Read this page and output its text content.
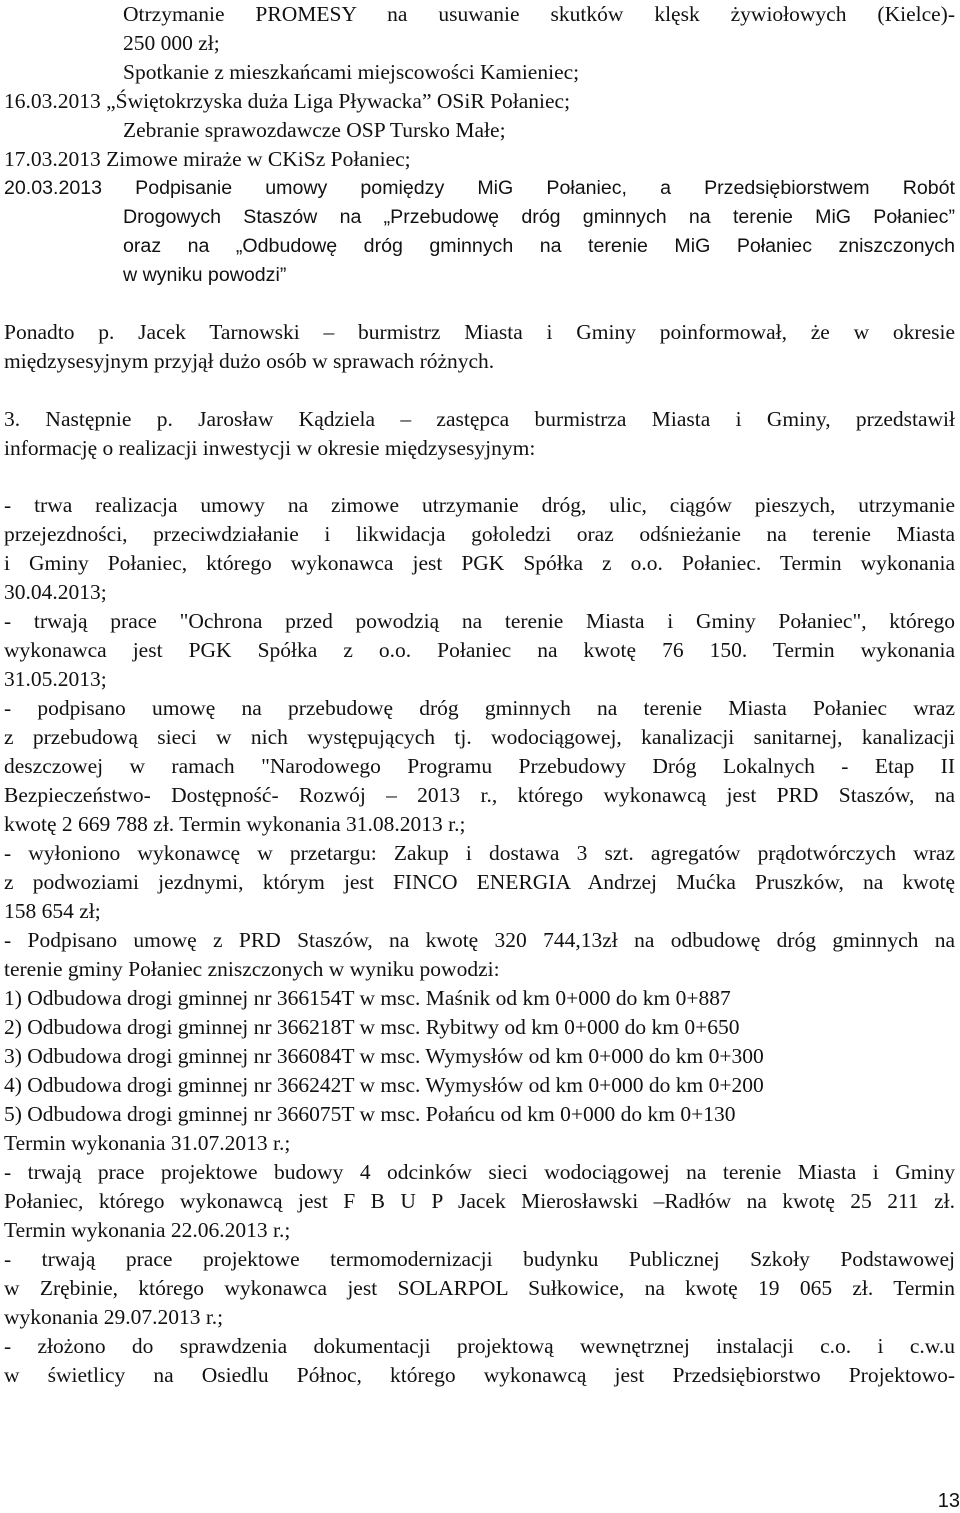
Otrzymanie PROMESY na usuwanie skutków klęsk żywiołowych (Kielce)-
250 000 zł;
Spotkanie z mieszkańcami miejscowości Kamieniec;
16.03.2013 „Świętokrzyska duża Liga Pływacka” OSiR Połaniec;
Zebranie sprawozdawcze OSP Tursko Małe;
17.03.2013 Zimowe miraże w CKiSz Połaniec;
20.03.2013 Podpisanie umowy pomiędzy MiG Połaniec, a Przedsiębiorstwem Robót
Drogowych Staszów na „Przebudowę dróg gminnych na terenie MiG Połaniec”
oraz na „Odbudowę dróg gminnych na terenie MiG Połaniec zniszczonych
w wyniku powodzi”
Ponadto p. Jacek Tarnowski – burmistrz Miasta i Gminy poinformował, że w okresie
międzysesyjnym przyjął dużo osób w sprawach różnych.
3. Następnie p. Jarosław Kądziela – zastępca burmistrza Miasta i Gminy, przedstawił
informację o realizacji inwestycji w okresie międzysesyjnym:
- trwa realizacja umowy na zimowe utrzymanie dróg, ulic, ciągów pieszych, utrzymanie
przejezdności, przeciwdziałanie i likwidacja gołoledzi oraz odśnieżanie na terenie Miasta
i Gminy Połaniec, którego wykonawca jest PGK Spółka z o.o. Połaniec. Termin wykonania
30.04.2013;
- trwają prace "Ochrona przed powodzią na terenie Miasta i Gminy Połaniec", którego
wykonawca jest PGK Spółka z o.o. Połaniec na kwotę 76 150. Termin wykonania
31.05.2013;
- podpisano umowę na przebudowę dróg gminnych na terenie Miasta Połaniec wraz
z przebudową sieci w nich występujących tj. wodociągowej, kanalizacji sanitarnej, kanalizacji
deszczowej w ramach "Narodowego Programu Przebudowy Dróg Lokalnych - Etap II
Bezpieczeństwo- Dostępność- Rozwój – 2013 r., którego wykonawcą jest PRD Staszów, na
kwotę 2 669 788 zł. Termin wykonania 31.08.2013 r.;
- wyłoniono wykonawcę w przetargu: Zakup i dostawa 3 szt. agregatów prądotwórczych wraz
z podwoziami jezdnymi, którym jest FINCO ENERGIA Andrzej Mućka Pruszków, na kwotę
158 654 zł;
- Podpisano umowę z PRD Staszów, na kwotę 320 744,13zł na odbudowę dróg gminnych na
terenie gminy Połaniec zniszczonych w wyniku powodzi:
1) Odbudowa drogi gminnej nr 366154T w msc. Maśnik od km 0+000 do km 0+887
2) Odbudowa drogi gminnej nr 366218T w msc. Rybitwy od km 0+000 do km 0+650
3) Odbudowa drogi gminnej nr 366084T w msc. Wymysłów od km 0+000 do km 0+300
4) Odbudowa drogi gminnej nr 366242T w msc. Wymysłów od km 0+000 do km 0+200
5) Odbudowa drogi gminnej nr 366075T w msc. Połańcu od km 0+000 do km 0+130
Termin wykonania 31.07.2013 r.;
- trwają prace projektowe budowy 4 odcinków sieci wodociągowej na terenie Miasta i Gminy
Połaniec, którego wykonawcą jest F B U P Jacek Mierosławski –Radłów na kwotę 25 211 zł.
Termin wykonania 22.06.2013 r.;
- trwają prace projektowe termomodernizacji budynku Publicznej Szkoły Podstawowej
w Zrębinie, którego wykonawca jest SOLARPOL Sułkowice, na kwotę 19 065 zł. Termin
wykonania 29.07.2013 r.;
- złożono do sprawdzenia dokumentacji projektową wewnętrznej instalacji c.o. i c.w.u
w świetlicy na Osiedlu Północ, którego wykonawcą jest Przedsiębiorstwo Projektowo-
13
